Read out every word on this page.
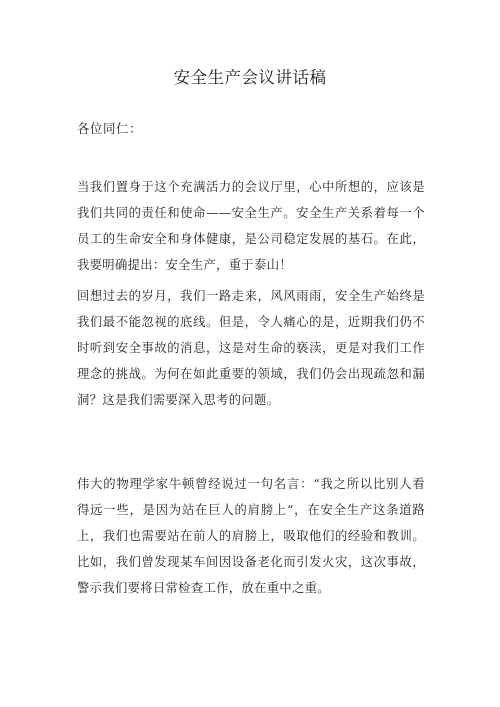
安全生产会议讲话稿
各位同仁：
当我们置身于这个充满活力的会议厅里，心中所想的，应该是我们共同的责任和使命——安全生产。安全生产关系着每一个员工的生命安全和身体健康，是公司稳定发展的基石。在此，我要明确提出：安全生产，重于泰山！
回想过去的岁月，我们一路走来，风风雨雨，安全生产始终是我们最不能忽视的底线。但是，令人痛心的是，近期我们仍不时听到安全事故的消息，这是对生命的亵渎，更是对我们工作理念的挑战。为何在如此重要的领域，我们仍会出现疏忽和漏洞？这是我们需要深入思考的问题。
伟大的物理学家牛顿曾经说过一句名言：“我之所以比别人看得远一些，是因为站在巨人的肩膀上“，在安全生产这条道路上，我们也需要站在前人的肩膀上，吸取他们的经验和教训。比如，我们曾发现某车间因设备老化而引发火灾，这次事故，警示我们要将日常检查工作，放在重中之重。
